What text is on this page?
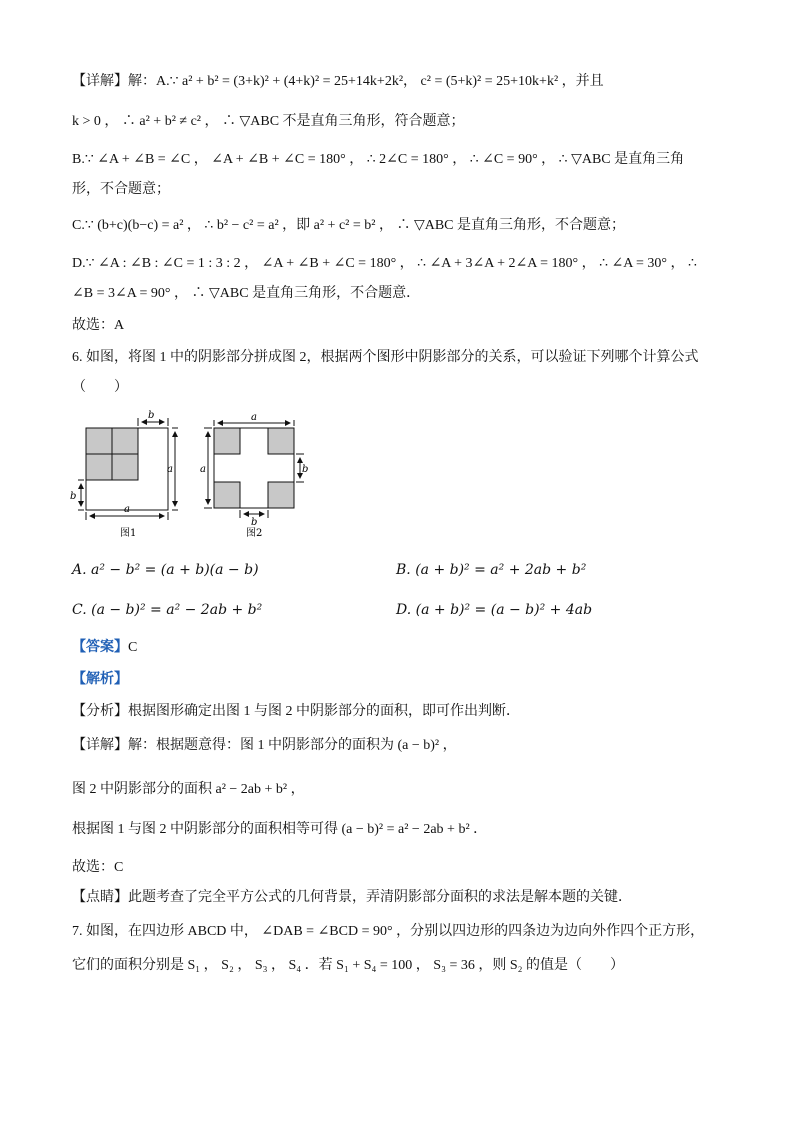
【详解】解：A.∵ a² + b² = (3+k)² + (4+k)² = 25+14k+2k²， c² = (5+k)² = 25+10k+k² ，并且
k > 0 ， ∴ a² + b² ≠ c² ， ∴ ▽ABC 不是直角三角形，符合题意；
B.∵ ∠A + ∠B = ∠C ， ∠A + ∠B + ∠C = 180° ， ∴ 2∠C = 180° ， ∴ ∠C = 90° ， ∴ ▽ABC 是直角三角
形，不合题意；
C.∵ (b+c)(b−c) = a² ， ∴ b² − c² = a² ，即 a² + c² = b² ， ∴ ▽ABC 是直角三角形，不合题意；
D.∵ ∠A : ∠B : ∠C = 1 : 3 : 2 ， ∠A + ∠B + ∠C = 180° ， ∴ ∠A + 3∠A + 2∠A = 180° ， ∴ ∠A = 30° ， ∴
∠B = 3∠A = 90° ， ∴ ▽ABC 是直角三角形，不合题意．
故选：A
6. 如图，将图 1 中的阴影部分拼成图 2，根据两个图形中阴影部分的关系，可以验证下列哪个计算公式
（　　）
b
a
b
a
图1
a
a	b
b
图2
A. a² − b² = (a + b)(a − b)	B. (a + b)² = a² + 2ab + b²
C. (a − b)² = a² − 2ab + b²	D. (a + b)² = (a − b)² + 4ab
【答案】C
【解析】
【分析】根据图形确定出图 1 与图 2 中阴影部分的面积，即可作出判断．
【详解】解：根据题意得：图 1 中阴影部分的面积为 (a − b)² ，
图 2 中阴影部分的面积 a² − 2ab + b² ，
根据图 1 与图 2 中阴影部分的面积相等可得 (a − b)² = a² − 2ab + b² ．
故选：C
【点睛】此题考查了完全平方公式的几何背景，弄清阴影部分面积的求法是解本题的关键．
7. 如图，在四边形 ABCD 中， ∠DAB = ∠BCD = 90° ，分别以四边形的四条边为边向外作四个正方形，
它们的面积分别是 S₁ ， S₂ ， S₃ ， S₄ ．若 S₁ + S₄ = 100 ， S₃ = 36 ，则 S₂ 的值是（　　）
